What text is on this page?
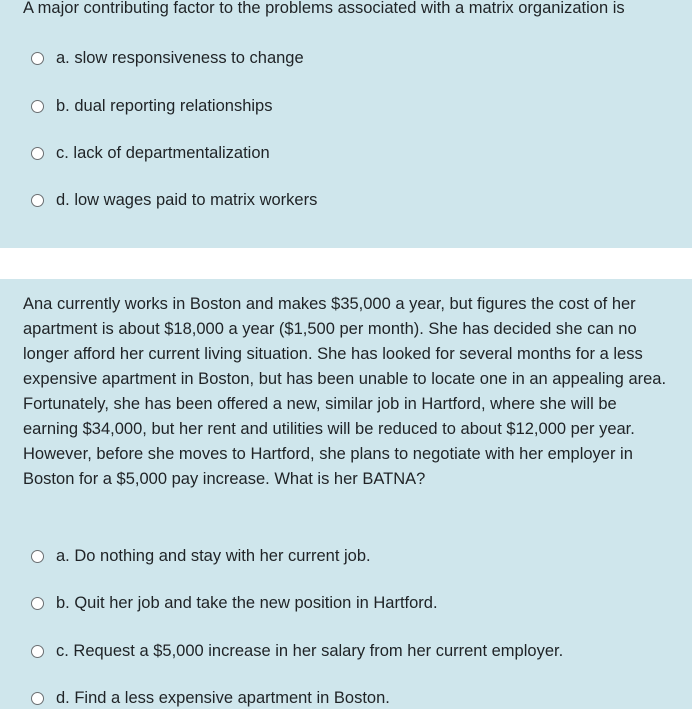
A major contributing factor to the problems associated with a matrix organization is

a. slow responsiveness to change
b. dual reporting relationships
c. lack of departmentalization
d. low wages paid to matrix workers

Ana currently works in Boston and makes $35,000 a year, but figures the cost of her apartment is about $18,000 a year ($1,500 per month). She has decided she can no longer afford her current living situation. She has looked for several months for a less expensive apartment in Boston, but has been unable to locate one in an appealing area. Fortunately, she has been offered a new, similar job in Hartford, where she will be earning $34,000, but her rent and utilities will be reduced to about $12,000 per year. However, before she moves to Hartford, she plans to negotiate with her employer in Boston for a $5,000 pay increase. What is her BATNA?

a. Do nothing and stay with her current job.
b. Quit her job and take the new position in Hartford.
c. Request a $5,000 increase in her salary from her current employer.
d. Find a less expensive apartment in Boston.
